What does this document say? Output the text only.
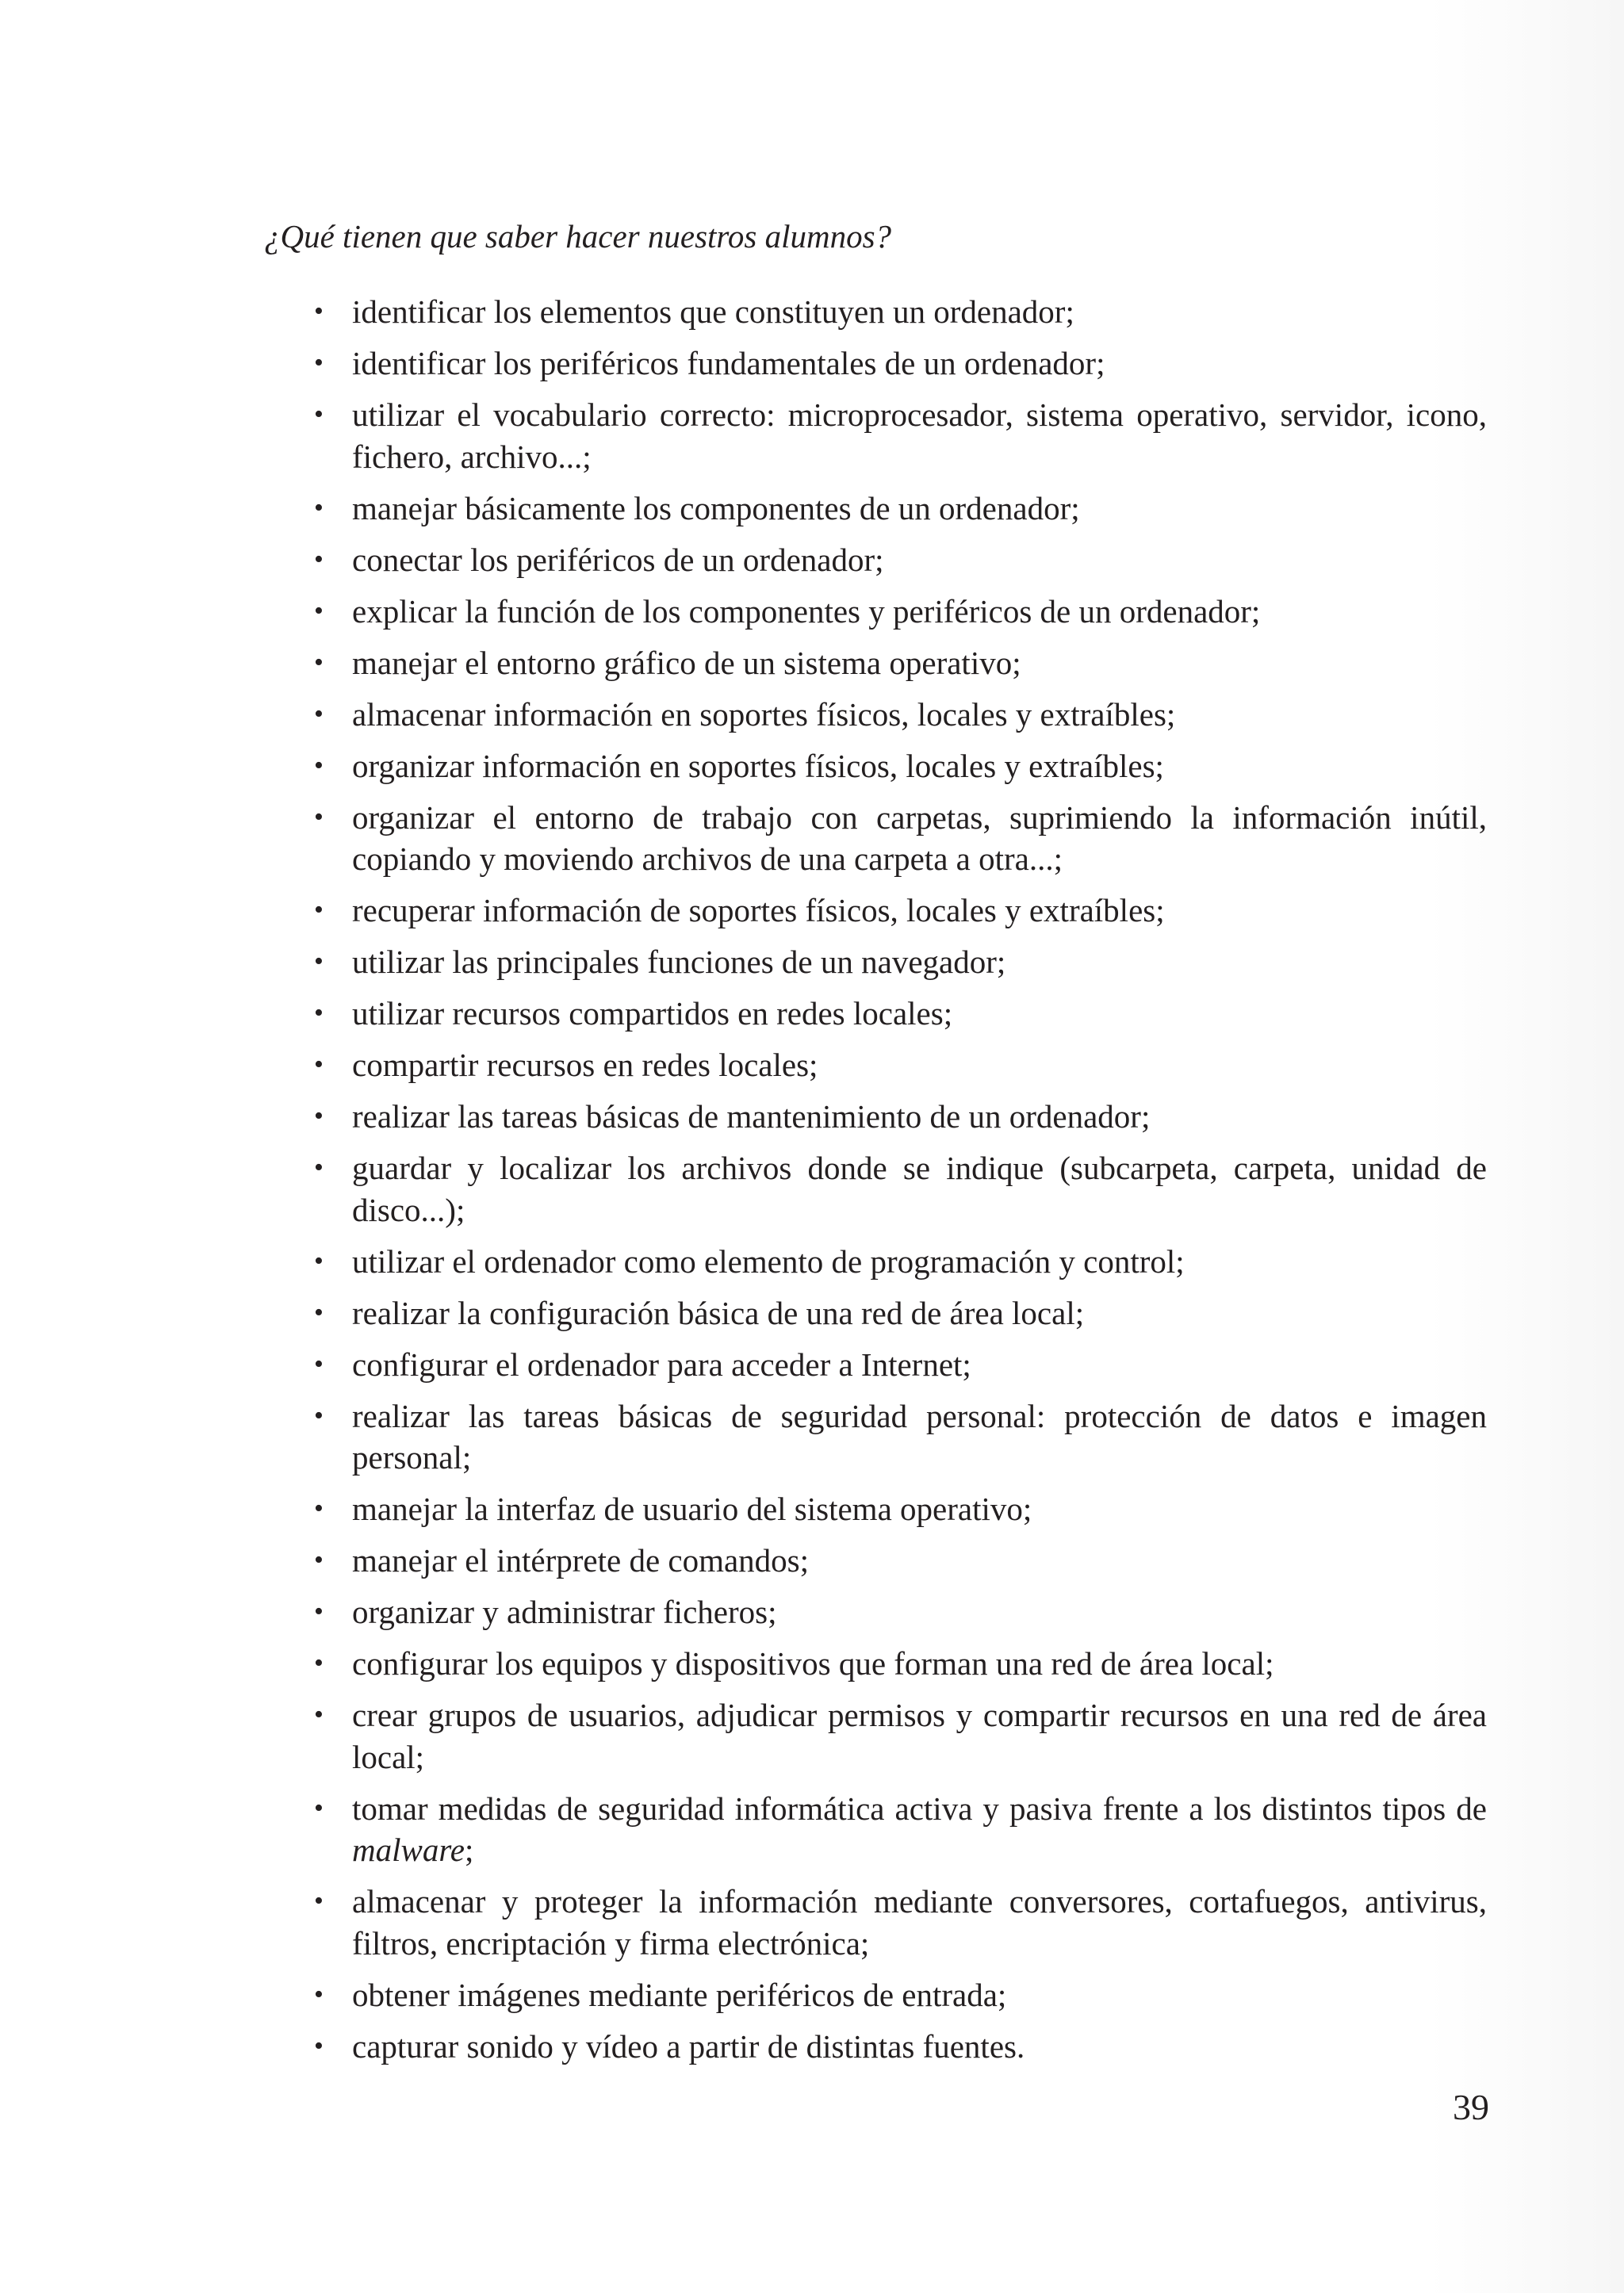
¿Qué tienen que saber hacer nuestros alumnos?
• identificar los elementos que constituyen un ordenador;
• identificar los periféricos fundamentales de un ordenador;
• utilizar el vocabulario correcto: microprocesador, sistema operativo, servidor, icono, fichero, archivo...;
• manejar básicamente los componentes de un ordenador;
• conectar los periféricos de un ordenador;
• explicar la función de los componentes y periféricos de un ordenador;
• manejar el entorno gráfico de un sistema operativo;
• almacenar información en soportes físicos, locales y extraíbles;
• organizar información en soportes físicos, locales y extraíbles;
• organizar el entorno de trabajo con carpetas, suprimiendo la información inútil, copiando y moviendo archivos de una carpeta a otra...;
• recuperar información de soportes físicos, locales y extraíbles;
• utilizar las principales funciones de un navegador;
• utilizar recursos compartidos en redes locales;
• compartir recursos en redes locales;
• realizar las tareas básicas de mantenimiento de un ordenador;
• guardar y localizar los archivos donde se indique (subcarpeta, carpeta, unidad de disco...);
• utilizar el ordenador como elemento de programación y control;
• realizar la configuración básica de una red de área local;
• configurar el ordenador para acceder a Internet;
• realizar las tareas básicas de seguridad personal: protección de datos e imagen personal;
• manejar la interfaz de usuario del sistema operativo;
• manejar el intérprete de comandos;
• organizar y administrar ficheros;
• configurar los equipos y dispositivos que forman una red de área local;
• crear grupos de usuarios, adjudicar permisos y compartir recursos en una red de área local;
• tomar medidas de seguridad informática activa y pasiva frente a los distintos tipos de malware;
• almacenar y proteger la información mediante conversores, cortafuegos, antivirus, filtros, encriptación y firma electrónica;
• obtener imágenes mediante periféricos de entrada;
• capturar sonido y vídeo a partir de distintas fuentes.
39
